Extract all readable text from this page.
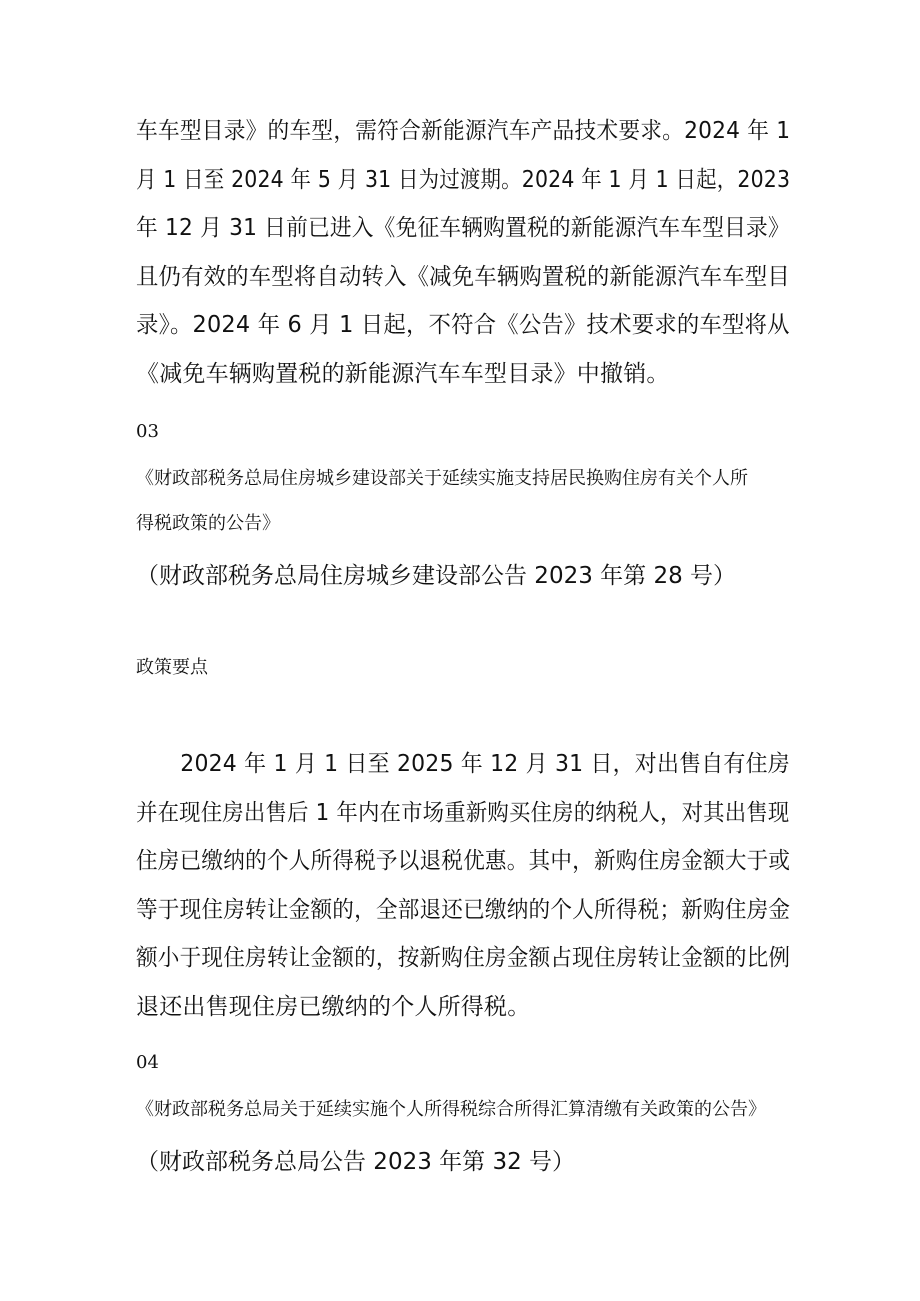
车车型目录》的车型，需符合新能源汽车产品技术要求。2024 年 1
月 1 日至 2024 年 5 月 31 日为过渡期。2024 年 1 月 1 日起，2023
年 12 月 31 日前已进入《免征车辆购置税的新能源汽车车型目录》
且仍有效的车型将自动转入《减免车辆购置税的新能源汽车车型目
录》。2024 年 6 月 1 日起，不符合《公告》技术要求的车型将从
《减免车辆购置税的新能源汽车车型目录》中撤销。
03
《财政部税务总局住房城乡建设部关于延续实施支持居民换购住房有关个人所
得税政策的公告》
（财政部税务总局住房城乡建设部公告 2023 年第 28 号）
政策要点
　　2024 年 1 月 1 日至 2025 年 12 月 31 日，对出售自有住房
并在现住房出售后 1 年内在市场重新购买住房的纳税人，对其出售现
住房已缴纳的个人所得税予以退税优惠。其中，新购住房金额大于或
等于现住房转让金额的，全部退还已缴纳的个人所得税；新购住房金
额小于现住房转让金额的，按新购住房金额占现住房转让金额的比例
退还出售现住房已缴纳的个人所得税。
04
《财政部税务总局关于延续实施个人所得税综合所得汇算清缴有关政策的公告》
（财政部税务总局公告 2023 年第 32 号）
